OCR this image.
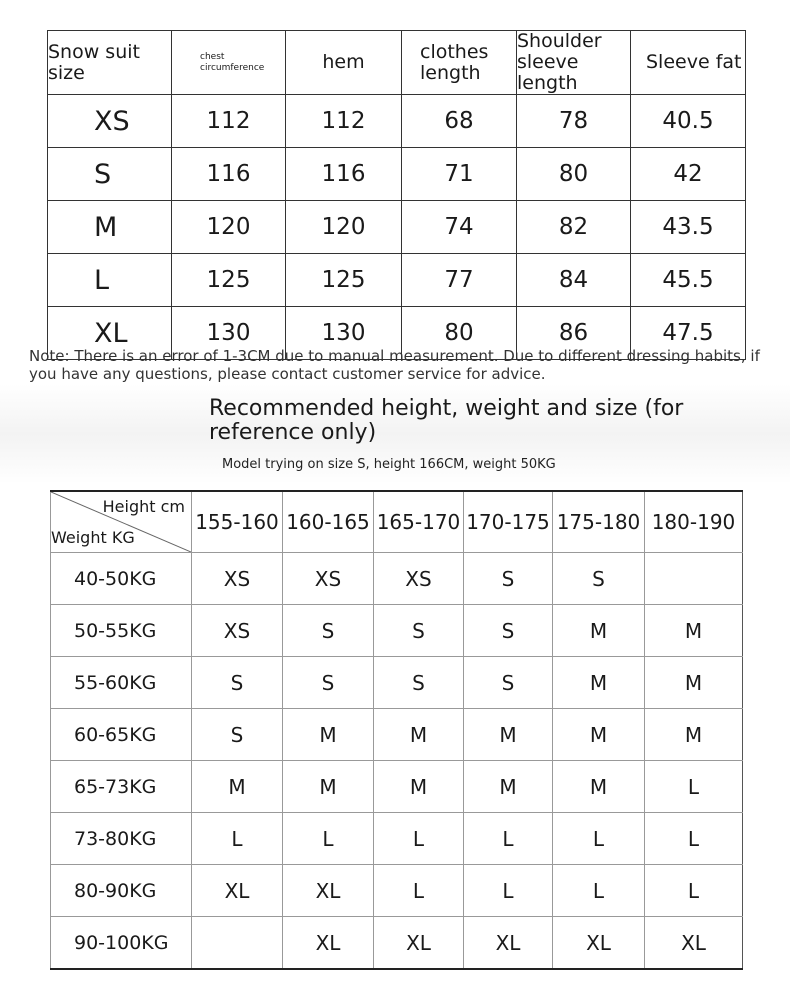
Snow suit size	chest circumference	hem	clothes length	Shoulder sleeve length	Sleeve fat
XS	112	112	68	78	40.5
S	116	116	71	80	42
M	120	120	74	82	43.5
L	125	125	77	84	45.5
XL	130	130	80	86	47.5
Note: There is an error of 1-3CM due to manual measurement. Due to different dressing habits, if you have any questions, please contact customer service for advice.
Recommended height, weight and size (for reference only)
Model trying on size S, height 166CM, weight 50KG
Height cm
Weight KG	155-160	160-165	165-170	170-175	175-180	180-190
40-50KG	XS	XS	XS	S	S	
50-55KG	XS	S	S	S	M	M
55-60KG	S	S	S	S	M	M
60-65KG	S	M	M	M	M	M
65-73KG	M	M	M	M	M	L
73-80KG	L	L	L	L	L	L
80-90KG	XL	XL	L	L	L	L
90-100KG		XL	XL	XL	XL	XL
